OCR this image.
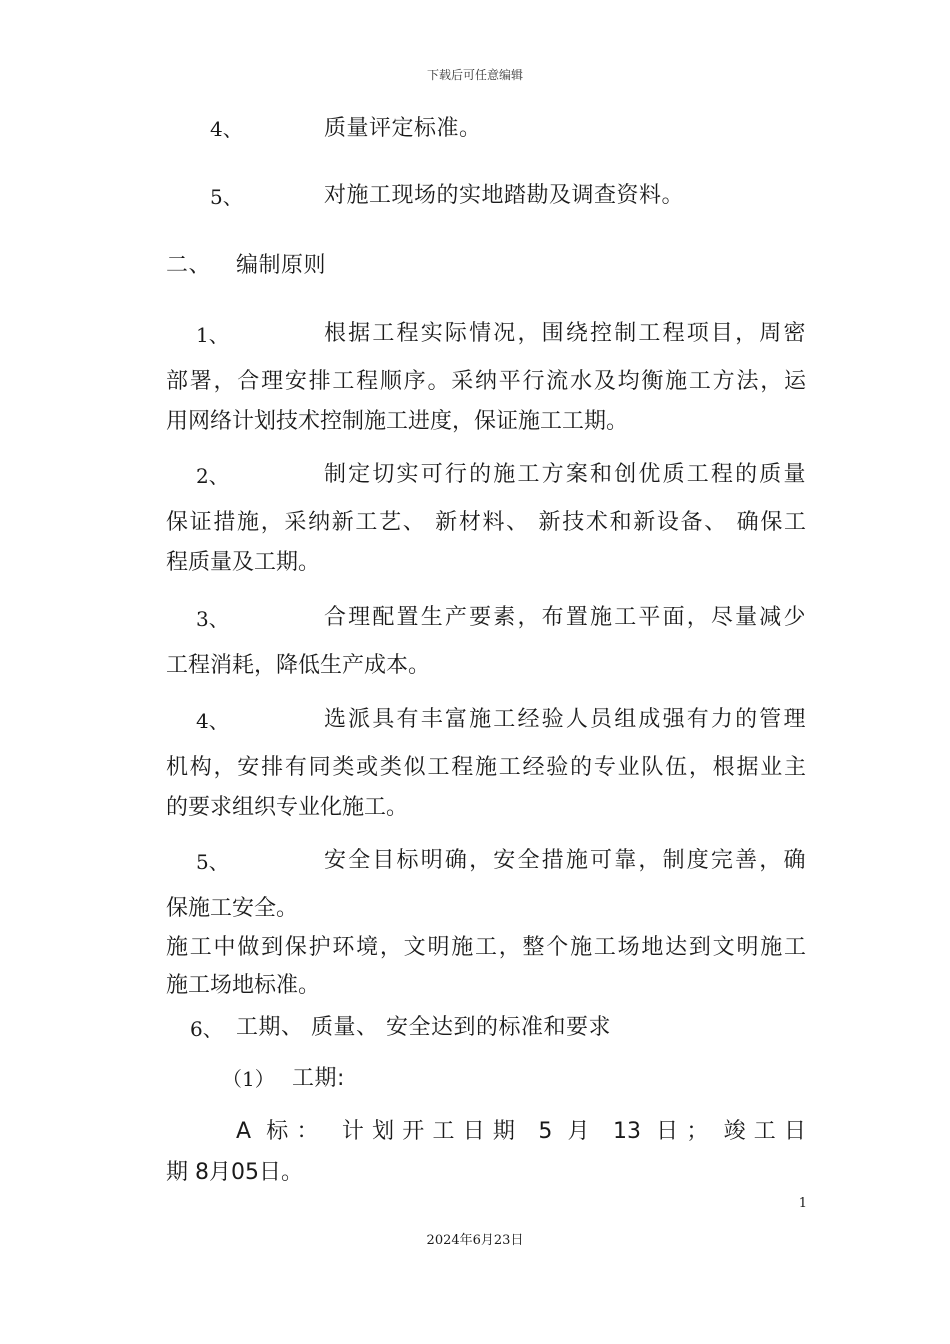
下载后可任意编辑
4、	质量评定标准。
5、	对施工现场的实地踏勘及调查资料。
二、 编制原则
1、	根据工程实际情况，围绕控制工程项目，周密
部署，合理安排工程顺序。采纳平行流水及均衡施工方法，运
用网络计划技术控制施工进度，保证施工工期。
2、	制定切实可行的施工方案和创优质工程的质量
保证措施，采纳新工艺、 新材料、 新技术和新设备、 确保工
程质量及工期。
3、	合理配置生产要素，布置施工平面，尽量减少
工程消耗，降低生产成本。
4、	选派具有丰富施工经验人员组成强有力的管理
机构，安排有同类或类似工程施工经验的专业队伍，根据业主
的要求组织专业化施工。
5、	安全目标明确，安全措施可靠，制度完善，确
保施工安全。
施工中做到保护环境，文明施工，整个施工场地达到文明施工
施工场地标准。
6、 工期、 质量、 安全达到的标准和要求
（1） 工期:
A 标： 计划开工日期 5 月 13 日； 竣工日
期 8月05日。
1
2024年6月23日
